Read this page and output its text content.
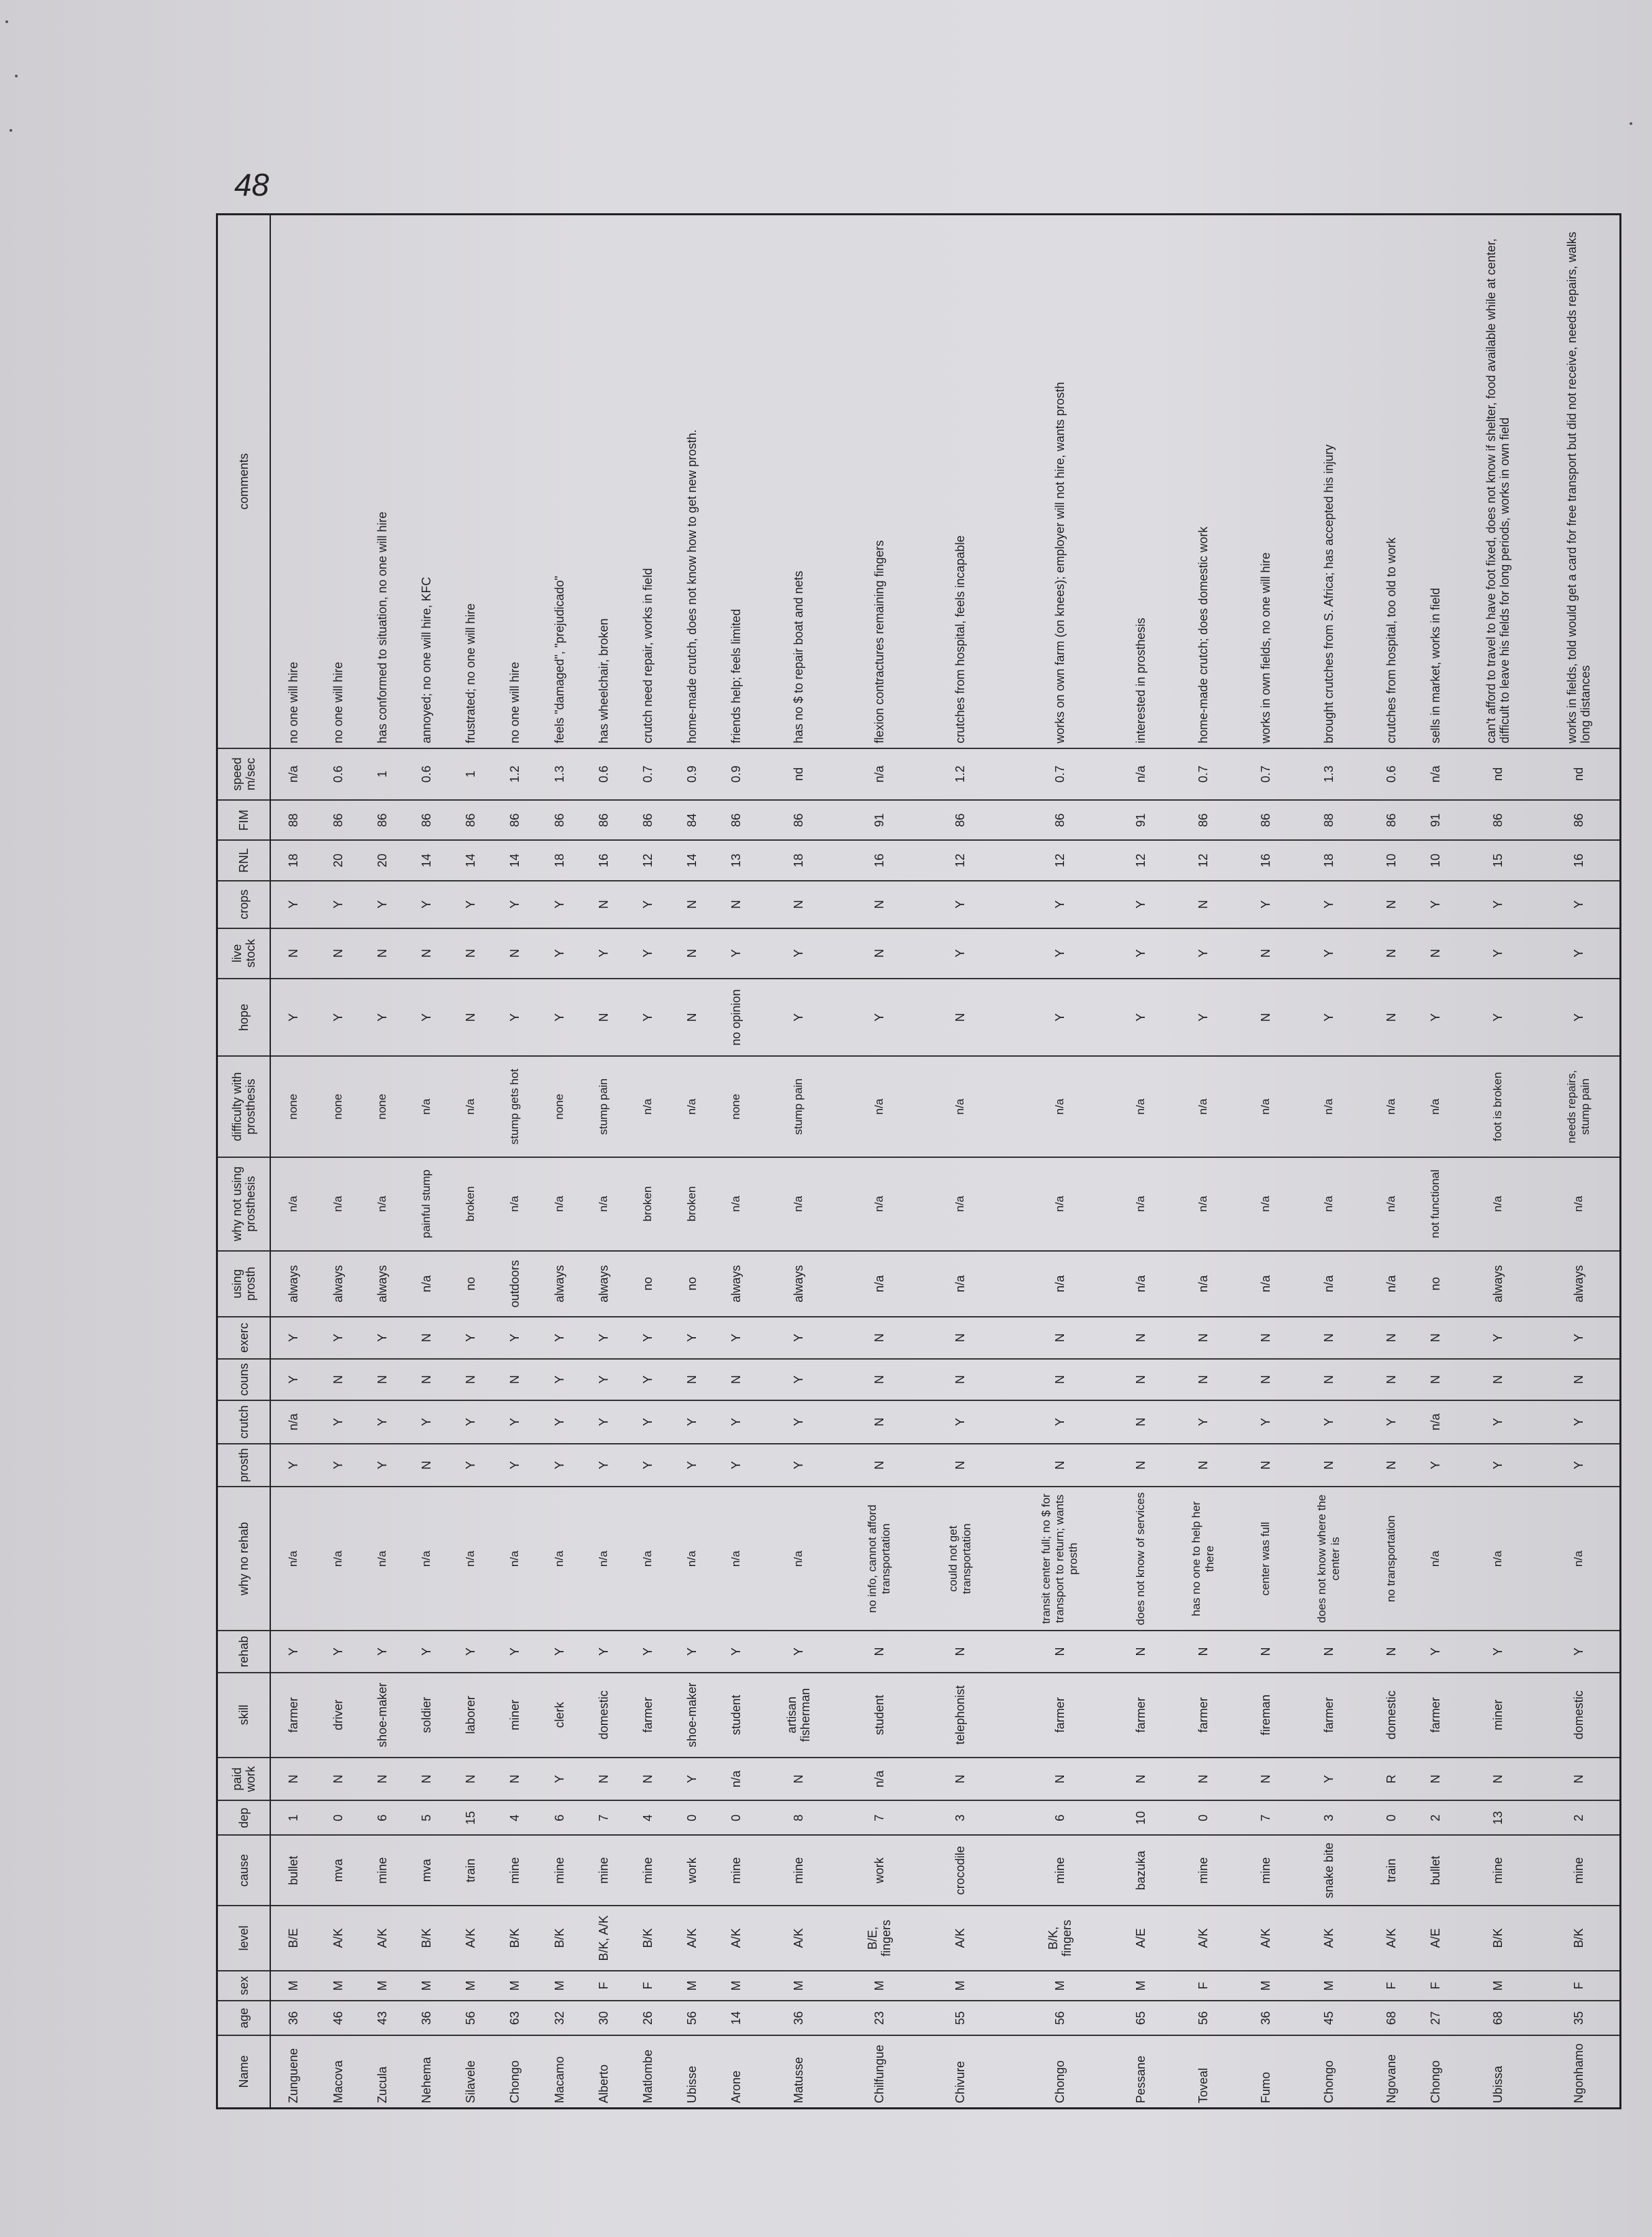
48
Name	age	sex	level	cause	dep	paid work	skill	rehab	why no rehab	prosth	crutch	couns	exerc	using prosth	why not using prosthesis	difficulty with prosthesis	hope	live stock	crops	RNL	FIM	speed m/sec	comments
Zunguene	36	M	B/E	bullet	1	N	farmer	Y	n/a	Y	n/a	Y	Y	always	n/a	none	Y	N	Y	18	88	n/a	no one will hire
Macova	46	M	A/K	mva	0	N	driver	Y	n/a	Y	Y	N	Y	always	n/a	none	Y	N	Y	20	86	0.6	no one will hire
Zucula	43	M	A/K	mine	6	N	shoe-maker	Y	n/a	Y	Y	N	Y	always	n/a	none	Y	N	Y	20	86	1	has conformed to situation, no one will hire
Nehema	36	M	B/K	mva	5	N	soldier	Y	n/a	N	Y	N	N	n/a	painful stump	n/a	Y	N	Y	14	86	0.6	annoyed; no one will hire, KFC
Silavele	56	M	A/K	train	15	N	laborer	Y	n/a	Y	Y	N	Y	no	broken	n/a	N	N	Y	14	86	1	frustrated; no one will hire
Chongo	63	M	B/K	mine	4	N	miner	Y	n/a	Y	Y	N	Y	outdoors	n/a	stump gets hot	Y	N	Y	14	86	1.2	no one will hire
Macamo	32	M	B/K	mine	6	Y	clerk	Y	n/a	Y	Y	Y	Y	always	n/a	none	Y	Y	Y	18	86	1.3	feels "damaged", "prejudicado"
Alberto	30	F	B/K, A/K	mine	7	N	domestic	Y	n/a	Y	Y	Y	Y	always	n/a	stump pain	N	Y	N	16	86	0.6	has wheelchair, broken
Matlombe	26	F	B/K	mine	4	N	farmer	Y	n/a	Y	Y	Y	Y	no	broken	n/a	Y	Y	Y	12	86	0.7	crutch need repair, works in field
Ubisse	56	M	A/K	work	0	Y	shoe-maker	Y	n/a	Y	Y	N	Y	no	broken	n/a	N	N	N	14	84	0.9	home-made crutch, does not know how to get new prosth.
Arone	14	M	A/K	mine	0	n/a	student	Y	n/a	Y	Y	N	Y	always	n/a	none	no opinion	Y	N	13	86	0.9	friends help; feels limited
Matusse	36	M	A/K	mine	8	N	artisan fisherman	Y	n/a	Y	Y	Y	Y	always	n/a	stump pain	Y	Y	N	18	86	nd	has no $ to repair boat and nets
Chilfungue	23	M	B/E, fingers	work	7	n/a	student	N	no info, cannot afford transportation	N	N	N	N	n/a	n/a	n/a	Y	N	N	16	91	n/a	flexion contractures remaining fingers
Chivure	55	M	A/K	crocodile	3	N	telephonist	N	could not get transportation	N	Y	N	N	n/a	n/a	n/a	N	Y	Y	12	86	1.2	crutches from hospital, feels incapable
Chongo	56	M	B/K, fingers	mine	6	N	farmer	N	transit center full; no $ for transport to return; wants prosth	N	Y	N	N	n/a	n/a	n/a	Y	Y	Y	12	86	0.7	works on own farm (on knees); employer will not hire, wants prosth
Pessane	65	M	A/E	bazuka	10	N	farmer	N	does not know of services	N	N	N	N	n/a	n/a	n/a	Y	Y	Y	12	91	n/a	interested in prosthesis
Toveal	56	F	A/K	mine	0	N	farmer	N	has no one to help her there	N	Y	N	N	n/a	n/a	n/a	Y	Y	N	12	86	0.7	home-made crutch; does domestic work
Fumo	36	M	A/K	mine	7	N	fireman	N	center was full	N	Y	N	N	n/a	n/a	n/a	N	N	Y	16	86	0.7	works in own fields, no one will hire
Chongo	45	M	A/K	snake bite	3	Y	farmer	N	does not know where the center is	N	Y	N	N	n/a	n/a	n/a	Y	Y	Y	18	88	1.3	brought crutches from S. Africa; has accepted his injury
Ngovane	68	F	A/K	train	0	R	domestic	N	no transportation	N	Y	N	N	n/a	n/a	n/a	N	N	N	10	86	0.6	crutches from hospital, too old to work
Chongo	27	F	A/E	bullet	2	N	farmer	Y	n/a	Y	n/a	N	N	no	not functional	n/a	Y	N	Y	10	91	n/a	sells in market, works in field
Ubissa	68	M	B/K	mine	13	N	miner	Y	n/a	Y	Y	N	Y	always	n/a	foot is broken	Y	Y	Y	15	86	nd	can't afford to travel to have foot fixed, does not know if shelter, food available while at center, difficult to leave his fields for long periods, works in own field
Ngonhamo	35	F	B/K	mine	2	N	domestic	Y	n/a	Y	Y	N	Y	always	n/a	needs repairs, stump pain	Y	Y	Y	16	86	nd	works in fields, told would get a card for free transport but did not receive, needs repairs, walks long distances
